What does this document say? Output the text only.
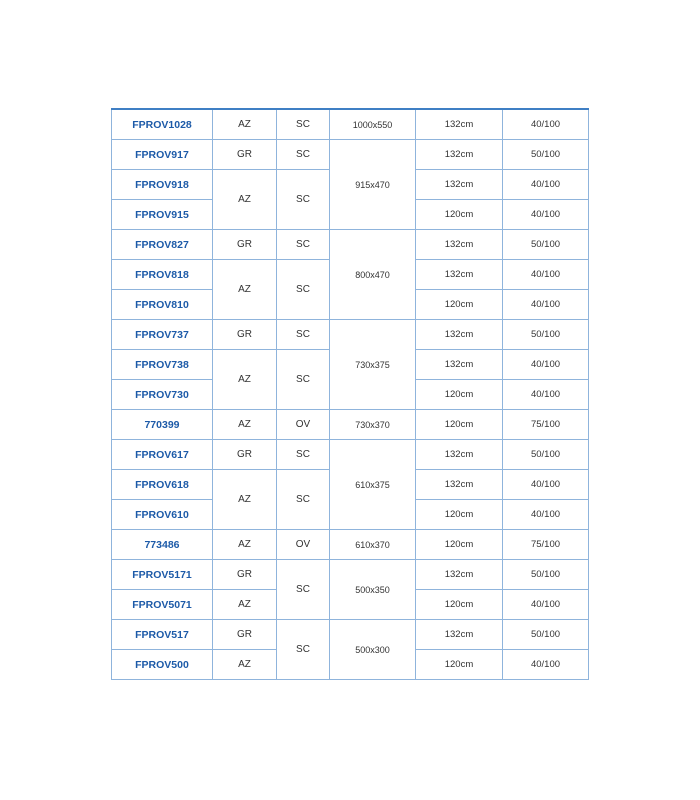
FPROV1028	AZ	SC	1000x550	132cm	40/100
FPROV917	GR	SC	915x470	132cm	50/100
FPROV918	AZ	SC		132cm	40/100
FPROV915				120cm	40/100
FPROV827	GR	SC	800x470	132cm	50/100
FPROV818	AZ	SC		132cm	40/100
FPROV810				120cm	40/100
FPROV737	GR	SC	730x375	132cm	50/100
FPROV738	AZ	SC		132cm	40/100
FPROV730				120cm	40/100
770399	AZ	OV	730x370	120cm	75/100
FPROV617	GR	SC	610x375	132cm	50/100
FPROV618	AZ	SC		132cm	40/100
FPROV610				120cm	40/100
773486	AZ	OV	610x370	120cm	75/100
FPROV5171	GR	SC	500x350	132cm	50/100
FPROV5071	AZ			120cm	40/100
FPROV517	GR	SC	500x300	132cm	50/100
FPROV500	AZ			120cm	40/100
